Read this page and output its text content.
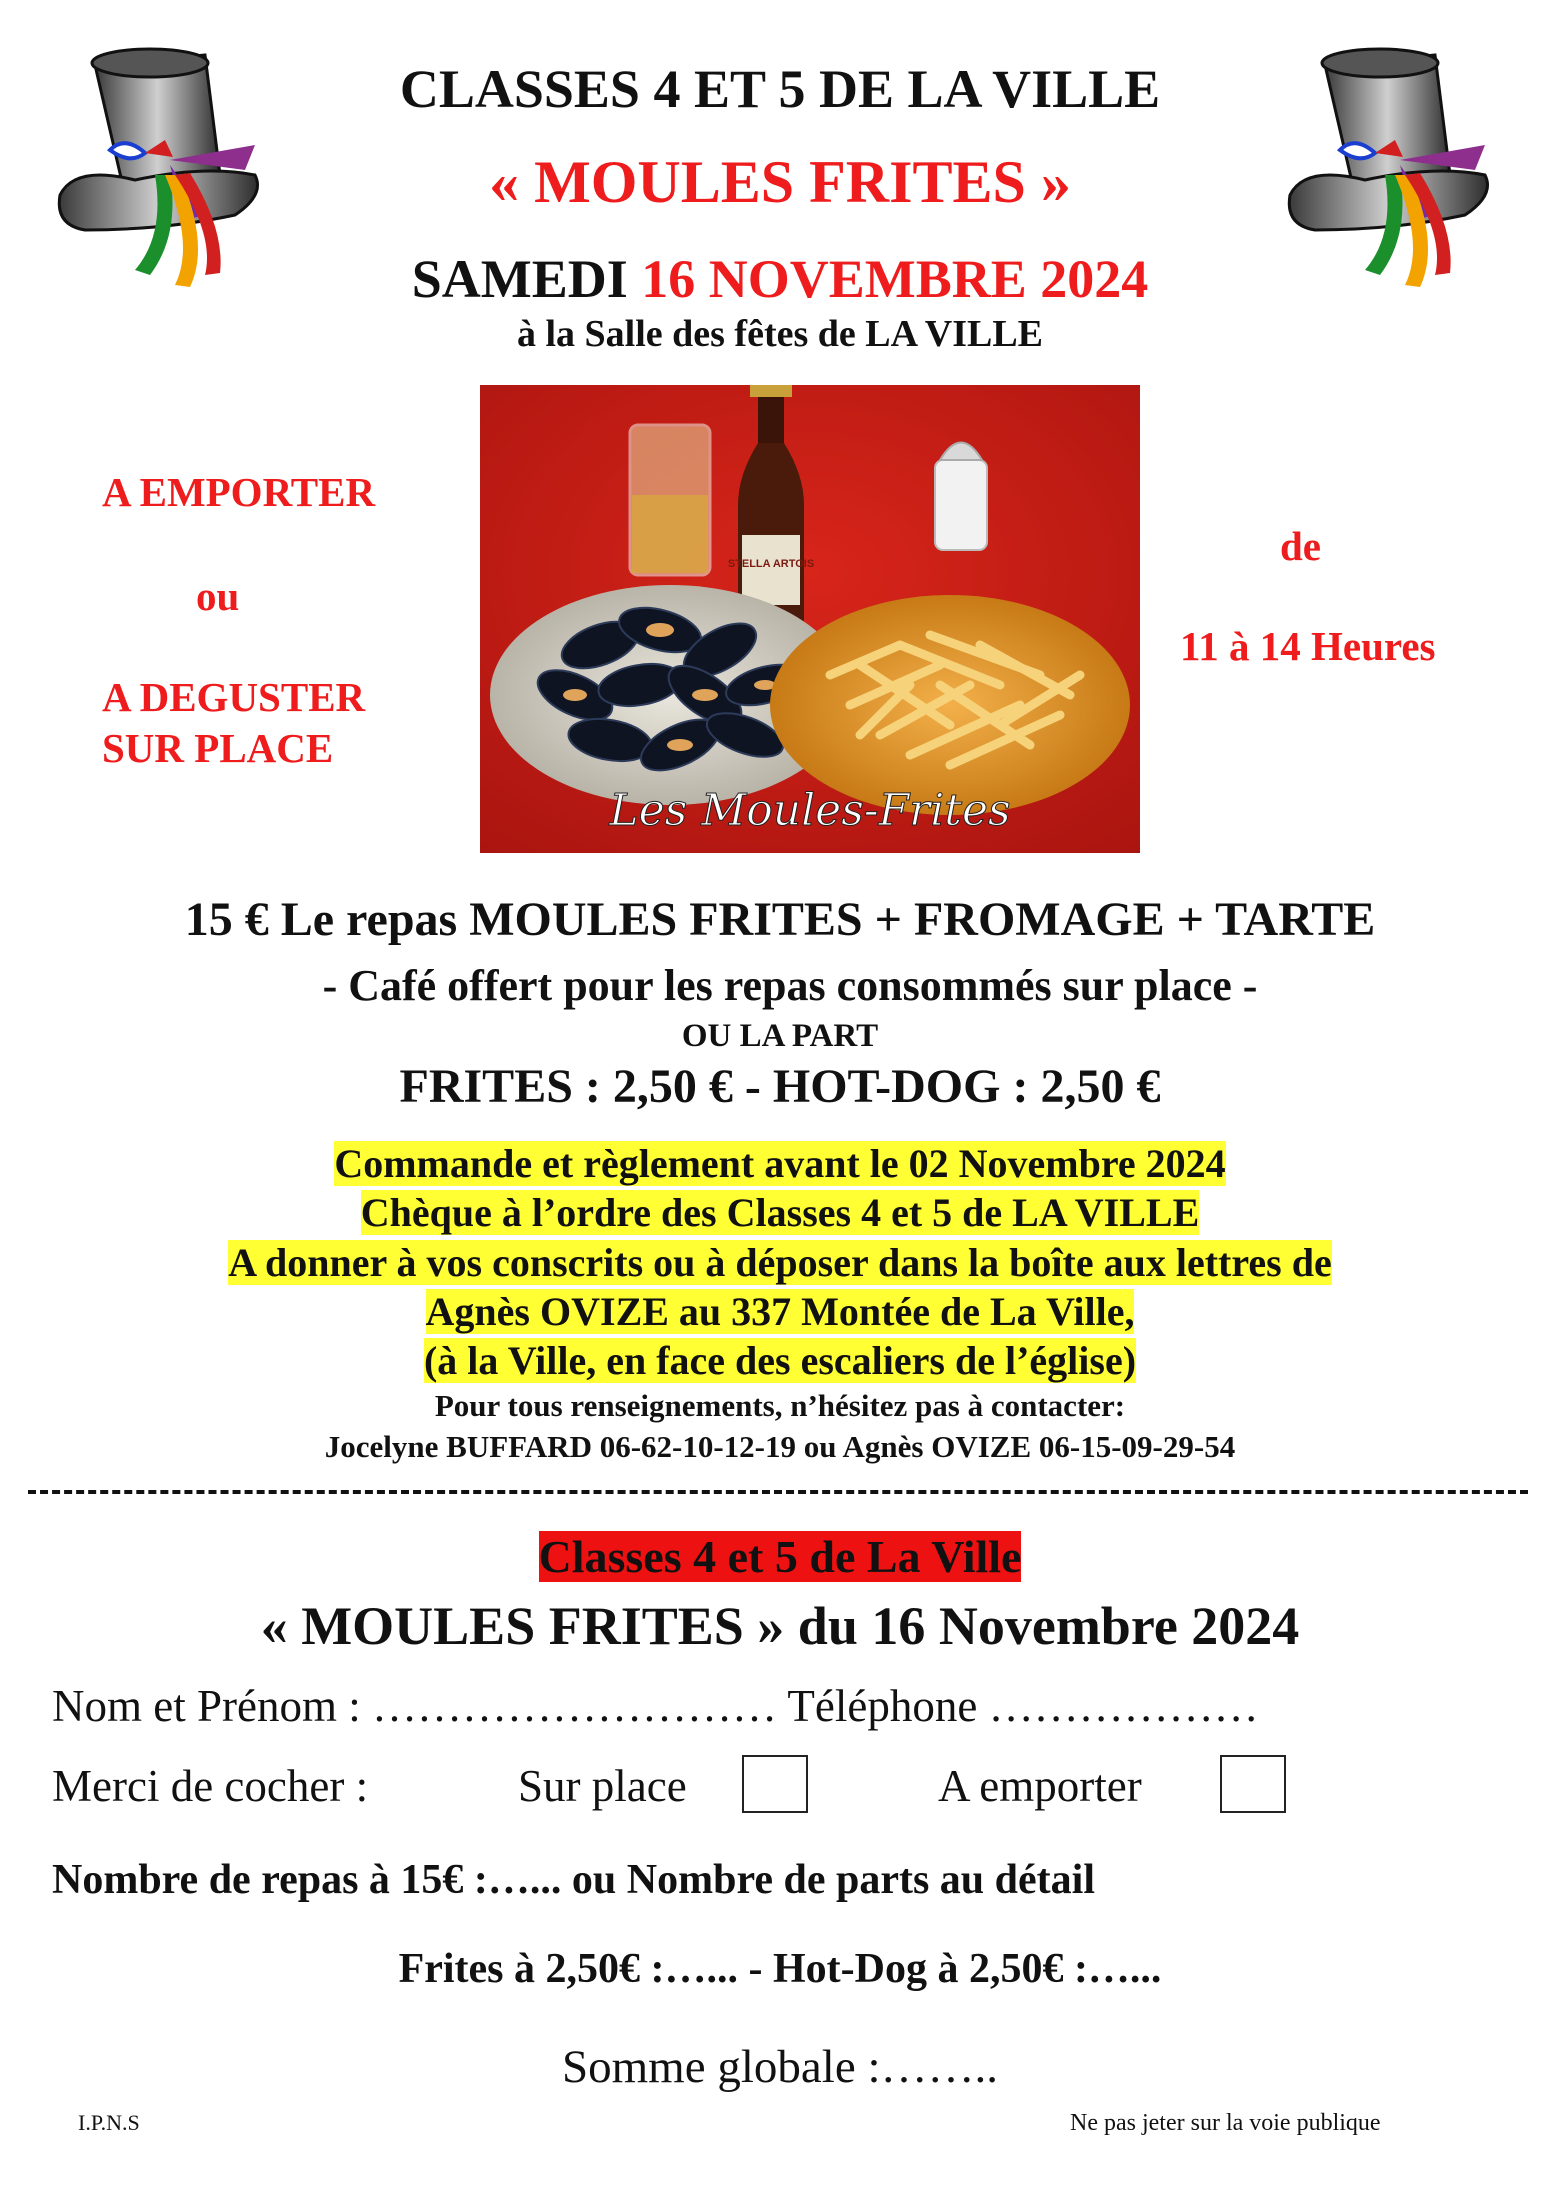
CLASSES 4 ET 5 DE LA VILLE
« MOULES FRITES »
SAMEDI 16 NOVEMBRE 2024
à la Salle des fêtes de LA VILLE
A EMPORTER
ou
A DEGUSTER
SUR PLACE
de
11 à 14 Heures
STELLA ARTOIS
Les Moules-Frites
15 € Le repas MOULES FRITES + FROMAGE + TARTE
- Café offert pour les repas consommés sur place -
OU LA PART
FRITES : 2,50 € - HOT-DOG : 2,50 €
Commande et règlement avant le 02 Novembre 2024
Chèque à l’ordre des Classes 4 et 5 de LA VILLE
A donner à vos conscrits ou à déposer dans la boîte aux lettres de
Agnès OVIZE au 337 Montée de La Ville,
(à la Ville, en face des escaliers de l’église)
Pour tous renseignements, n’hésitez pas à contacter:
Jocelyne BUFFARD 06-62-10-12-19 ou Agnès OVIZE 06-15-09-29-54
Classes 4 et 5 de La Ville
« MOULES FRITES » du 16 Novembre 2024
Nom et Prénom : ……………………… Téléphone ………………
Merci de cocher :	Sur place	A emporter
Nombre de repas à 15€ :…... ou Nombre de parts au détail
Frites à 2,50€ :…... - Hot-Dog à 2,50€ :…...
Somme globale :……..
I.P.N.S	Ne pas jeter sur la voie publique
